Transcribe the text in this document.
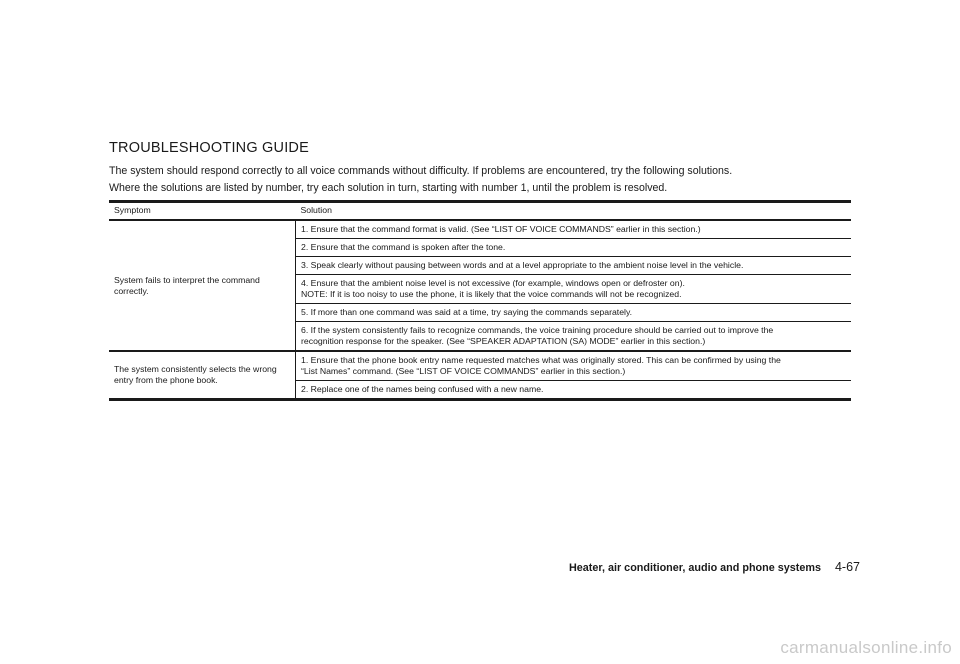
TROUBLESHOOTING GUIDE

The system should respond correctly to all voice commands without difficulty. If problems are encountered, try the following solutions.

Where the solutions are listed by number, try each solution in turn, starting with number 1, until the problem is resolved.

Symptom	Solution
System fails to interpret the command correctly.	1. Ensure that the command format is valid. (See “LIST OF VOICE COMMANDS” earlier in this section.)

	2. Ensure that the command is spoken after the tone.

	3. Speak clearly without pausing between words and at a level appropriate to the ambient noise level in the vehicle.

	4. Ensure that the ambient noise level is not excessive (for example, windows open or defroster on).
NOTE: If it is too noisy to use the phone, it is likely that the voice commands will not be recognized.

	5. If more than one command was said at a time, try saying the commands separately.

	6. If the system consistently fails to recognize commands, the voice training procedure should be carried out to improve the
recognition response for the speaker. (See “SPEAKER ADAPTATION (SA) MODE” earlier in this section.)

The system consistently selects the wrong entry from the phone book.	1. Ensure that the phone book entry name requested matches what was originally stored. This can be confirmed by using the
“List Names” command. (See “LIST OF VOICE COMMANDS” earlier in this section.)

	2. Replace one of the names being confused with a new name.
Heater, air conditioner, audio and phone systems 4-67
carmanualsonline.info
